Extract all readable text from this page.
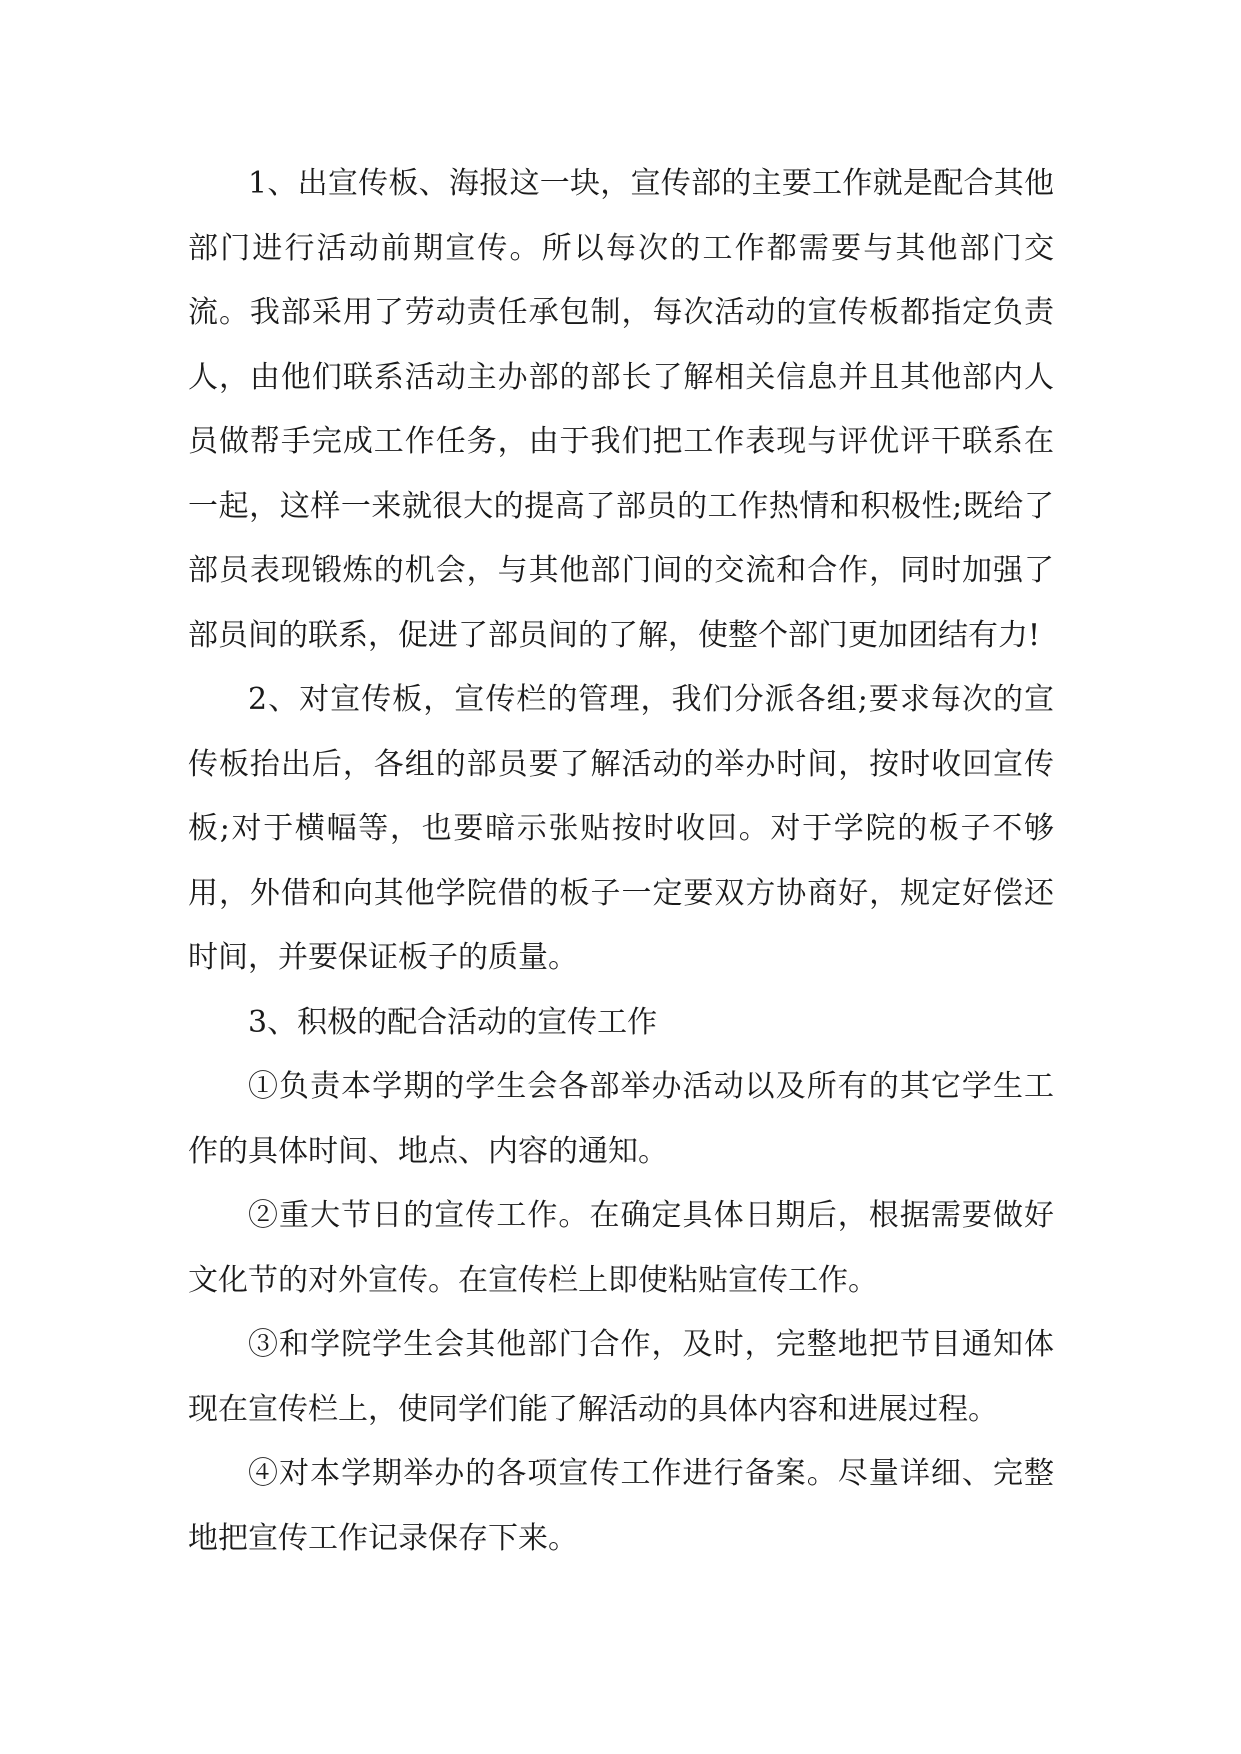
1、出宣传板、海报这一块，宣传部的主要工作就是配合其他部门进行活动前期宣传。所以每次的工作都需要与其他部门交流。我部采用了劳动责任承包制，每次活动的宣传板都指定负责人，由他们联系活动主办部的部长了解相关信息并且其他部内人员做帮手完成工作任务，由于我们把工作表现与评优评干联系在一起，这样一来就很大的提高了部员的工作热情和积极性;既给了部员表现锻炼的机会，与其他部门间的交流和合作，同时加强了部员间的联系，促进了部员间的了解，使整个部门更加团结有力!

2、对宣传板，宣传栏的管理，我们分派各组;要求每次的宣传板抬出后，各组的部员要了解活动的举办时间，按时收回宣传板;对于横幅等，也要暗示张贴按时收回。对于学院的板子不够用，外借和向其他学院借的板子一定要双方协商好，规定好偿还时间，并要保证板子的质量。

3、积极的配合活动的宣传工作

①负责本学期的学生会各部举办活动以及所有的其它学生工作的具体时间、地点、内容的通知。

②重大节日的宣传工作。在确定具体日期后，根据需要做好文化节的对外宣传。在宣传栏上即使粘贴宣传工作。

③和学院学生会其他部门合作，及时，完整地把节目通知体现在宣传栏上，使同学们能了解活动的具体内容和进展过程。

④对本学期举办的各项宣传工作进行备案。尽量详细、完整地把宣传工作记录保存下来。
